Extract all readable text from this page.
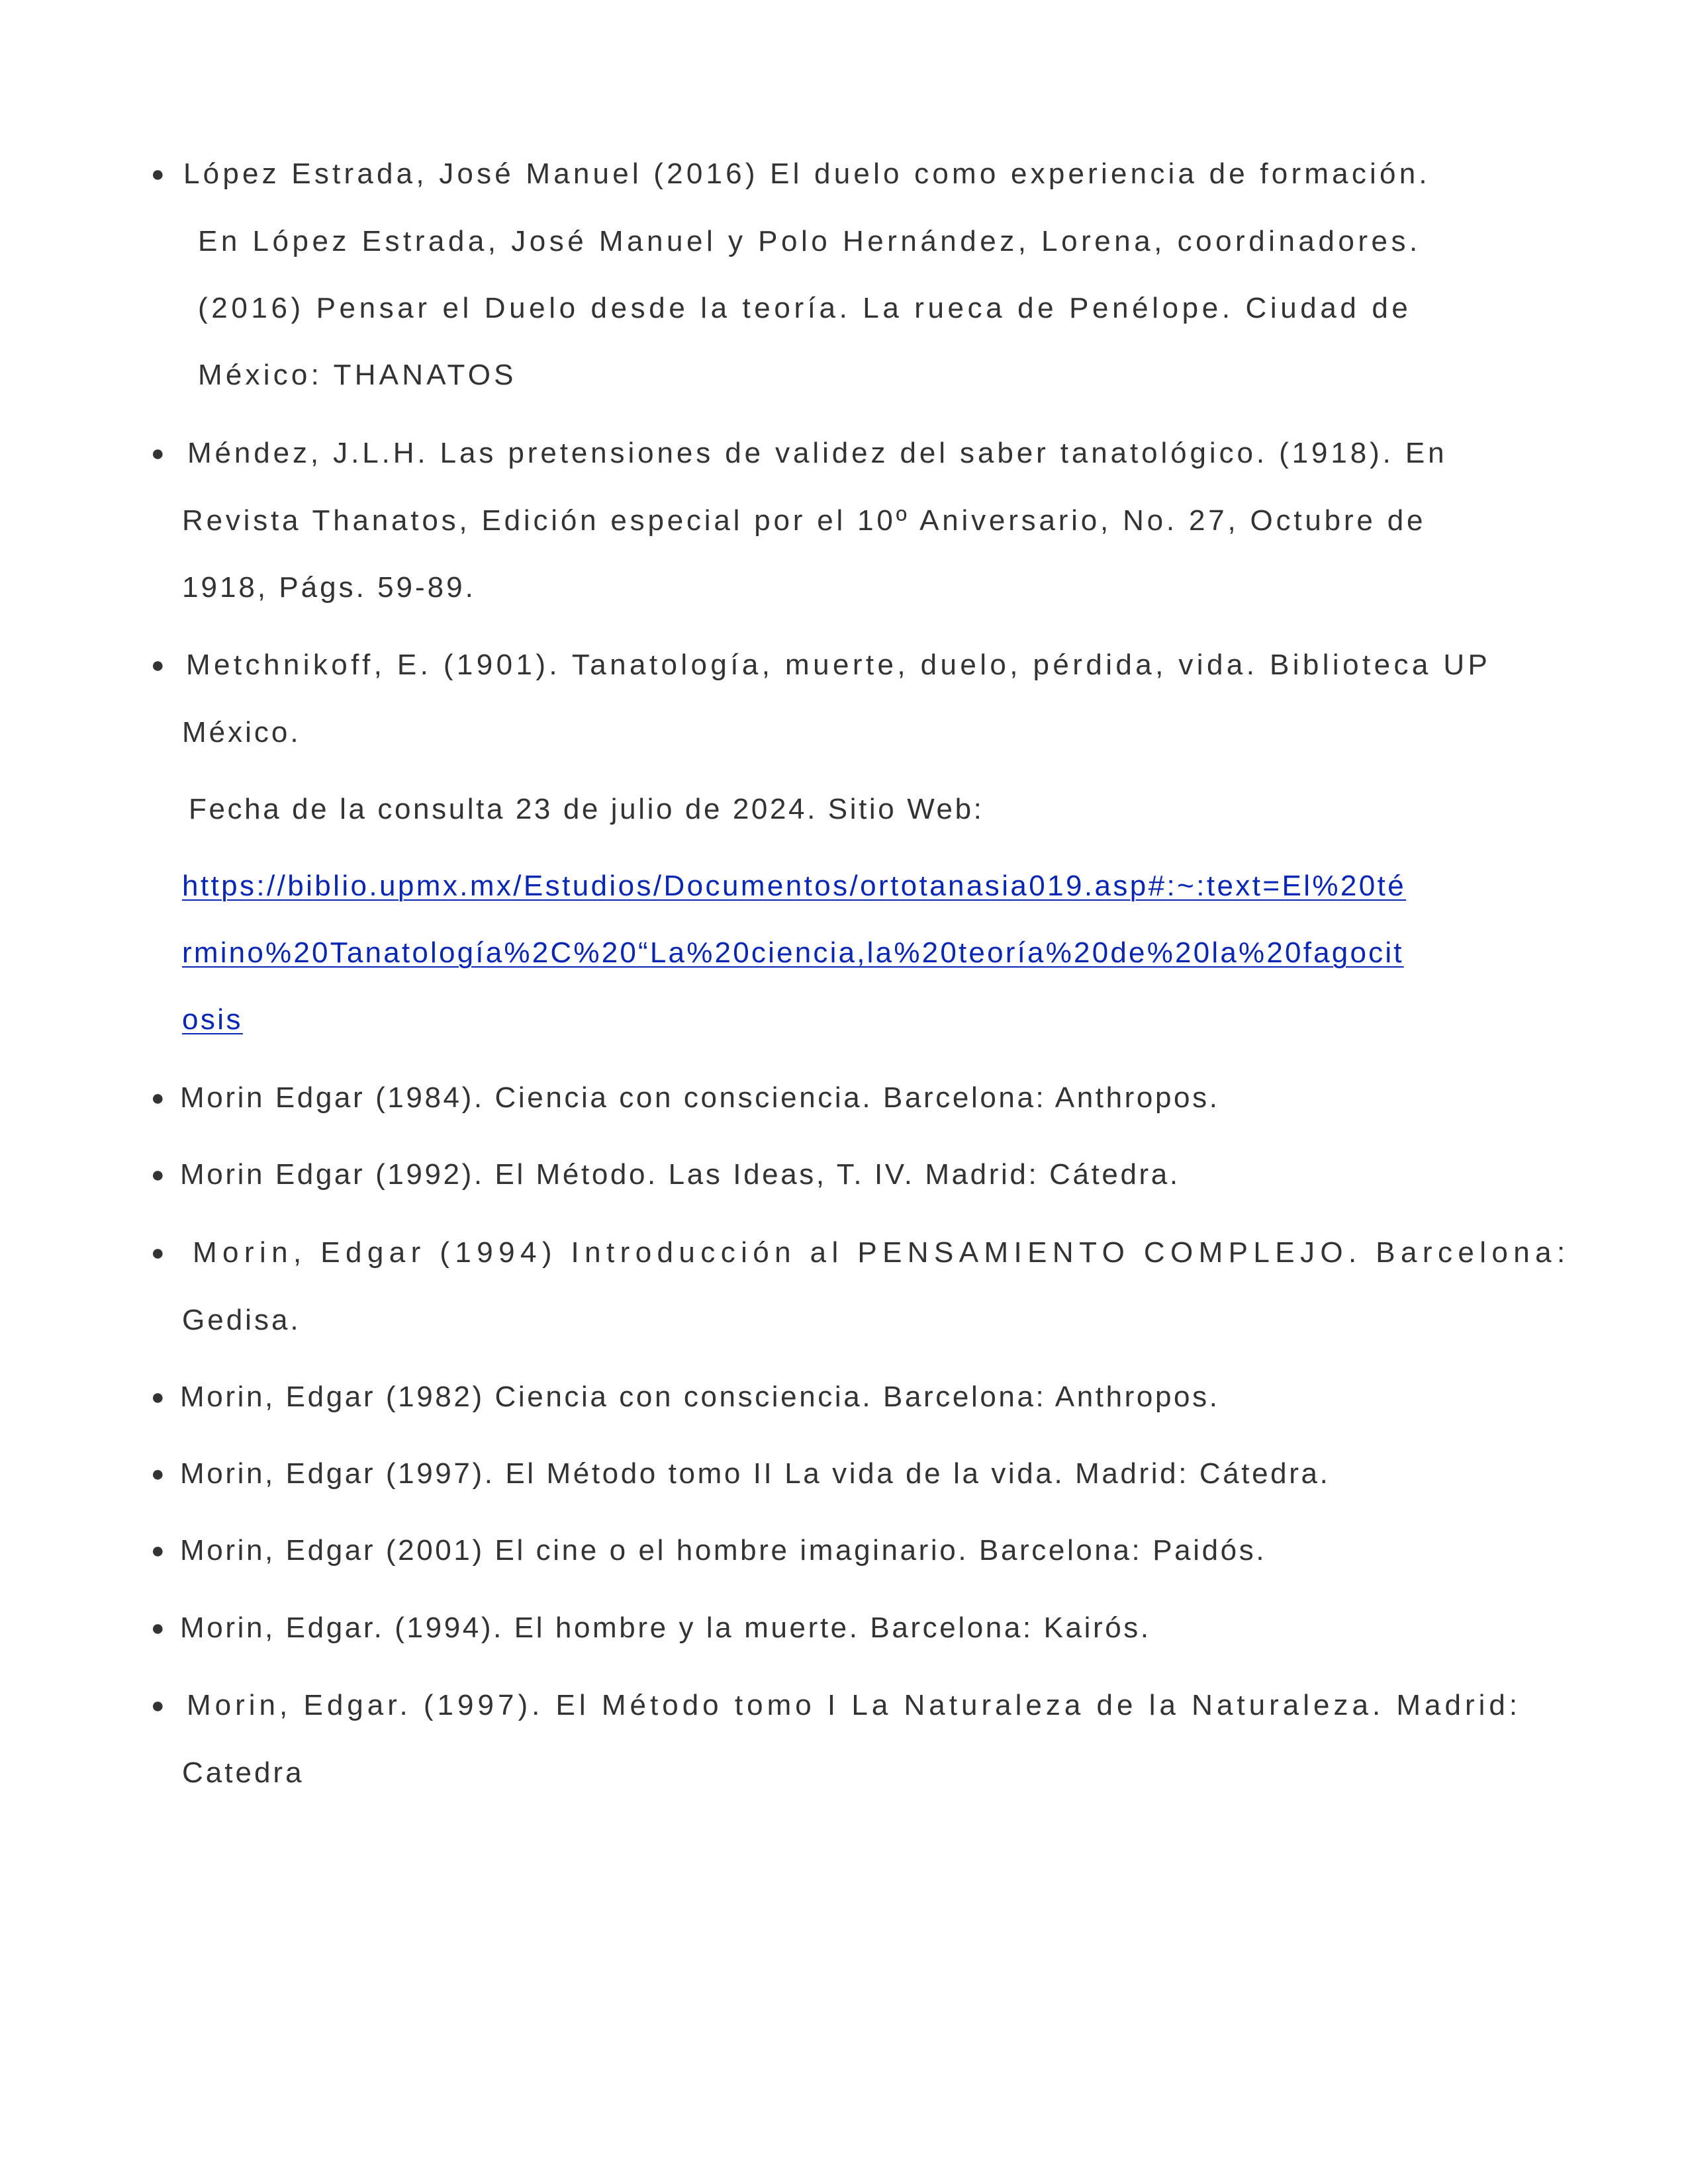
● López Estrada, José Manuel (2016) El duelo como experiencia de formación.
En López Estrada, José Manuel y Polo Hernández, Lorena, coordinadores.
(2016) Pensar el Duelo desde la teoría. La rueca de Penélope. Ciudad de
México: THANATOS
● Méndez, J.L.H. Las pretensiones de validez del saber tanatológico. (1918). En
Revista Thanatos, Edición especial por el 10º Aniversario, No. 27, Octubre de
1918, Págs. 59-89.
● Metchnikoff, E. (1901). Tanatología, muerte, duelo, pérdida, vida. Biblioteca UP
México.
Fecha de la consulta 23 de julio de 2024. Sitio Web:
https://biblio.upmx.mx/Estudios/Documentos/ortotanasia019.asp#:~:text=El%20té
rmino%20Tanatología%2C%20“La%20ciencia,la%20teoría%20de%20la%20fagocit
osis
● Morin Edgar (1984). Ciencia con consciencia. Barcelona: Anthropos.
● Morin Edgar (1992). El Método. Las Ideas, T. IV. Madrid: Cátedra.
● Morin, Edgar (1994) Introducción al PENSAMIENTO COMPLEJO. Barcelona:
Gedisa.
● Morin, Edgar (1982) Ciencia con consciencia. Barcelona: Anthropos.
● Morin, Edgar (1997). El Método tomo II La vida de la vida. Madrid: Cátedra.
● Morin, Edgar (2001) El cine o el hombre imaginario. Barcelona: Paidós.
● Morin, Edgar. (1994). El hombre y la muerte. Barcelona: Kairós.
● Morin, Edgar. (1997). El Método tomo I La Naturaleza de la Naturaleza. Madrid:
Catedra
